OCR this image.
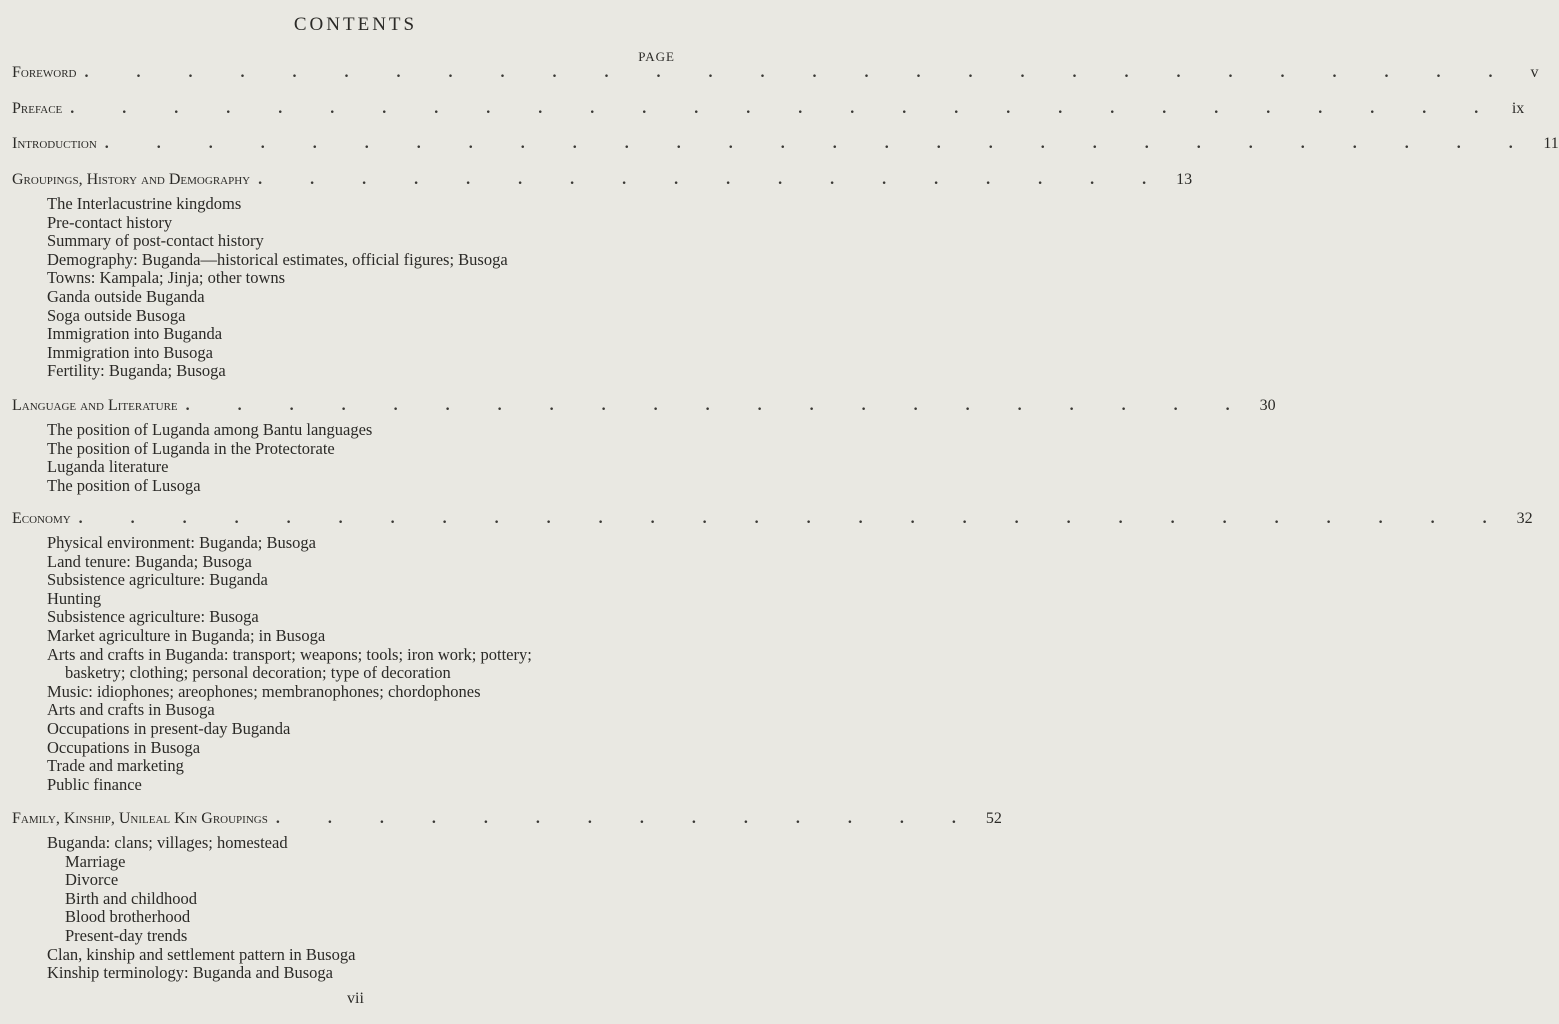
CONTENTS
PAGE
Foreword . . . . . . . . . . . . . . . . . . . . . . . . . . . .	v
Preface . . . . . . . . . . . . . . . . . . . . . . . . . . . . ix
Introduction . . . . . . . . . . . . . . . . . . . . . . . . . . . . 11
Groupings, History and Demography . . . . . . . . . . . . . . . . . . 13
The Interlacustrine kingdoms
Pre-contact history
Summary of post-contact history
Demography: Buganda—historical estimates, official figures; Busoga
Towns: Kampala; Jinja; other towns
Ganda outside Buganda
Soga outside Busoga
Immigration into Buganda
Immigration into Busoga
Fertility: Buganda; Busoga
Language and Literature . . . . . . . . . . . . . . . . . . . . . 30
The position of Luganda among Bantu languages
The position of Luganda in the Protectorate
Luganda literature
The position of Lusoga
Economy . . . . . . . . . . . . . . . . . . . . . . . . . . . . 32
Physical environment: Buganda; Busoga
Land tenure: Buganda; Busoga
Subsistence agriculture: Buganda
Hunting
Subsistence agriculture: Busoga
Market agriculture in Buganda; in Busoga
Arts and crafts in Buganda: transport; weapons; tools; iron work; pottery;
basketry; clothing; personal decoration; type of decoration
Music: idiophones; areophones; membranophones; chordophones
Arts and crafts in Busoga
Occupations in present-day Buganda
Occupations in Busoga
Trade and marketing
Public finance
Family, Kinship, Unileal Kin Groupings . . . . . . . . . . . . . . 52
Buganda: clans; villages; homestead
Marriage
Divorce
Birth and childhood
Blood brotherhood
Present-day trends
Clan, kinship and settlement pattern in Busoga
Kinship terminology: Buganda and Busoga
vii
